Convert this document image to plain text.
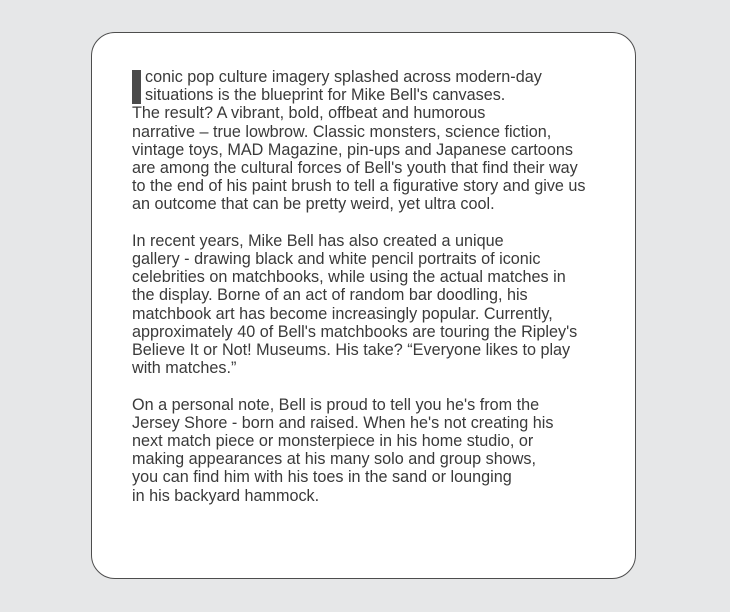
conic pop culture imagery splashed across modern-day
situations is the blueprint for Mike Bell's canvases.
The result? A vibrant, bold, offbeat and humorous
narrative – true lowbrow. Classic monsters, science fiction,
vintage toys, MAD Magazine, pin-ups and Japanese cartoons
are among the cultural forces of Bell's youth that find their way
to the end of his paint brush to tell a figurative story and give us
an outcome that can be pretty weird, yet ultra cool.

In recent years, Mike Bell has also created a unique
gallery - drawing black and white pencil portraits of iconic
celebrities on matchbooks, while using the actual matches in
the display. Borne of an act of random bar doodling, his
matchbook art has become increasingly popular. Currently,
approximately 40 of Bell's matchbooks are touring the Ripley's
Believe It or Not! Museums. His take? “Everyone likes to play
with matches.”

On a personal note, Bell is proud to tell you he's from the
Jersey Shore - born and raised. When he's not creating his
next match piece or monsterpiece in his home studio, or
making appearances at his many solo and group shows,
you can find him with his toes in the sand or lounging
in his backyard hammock.
